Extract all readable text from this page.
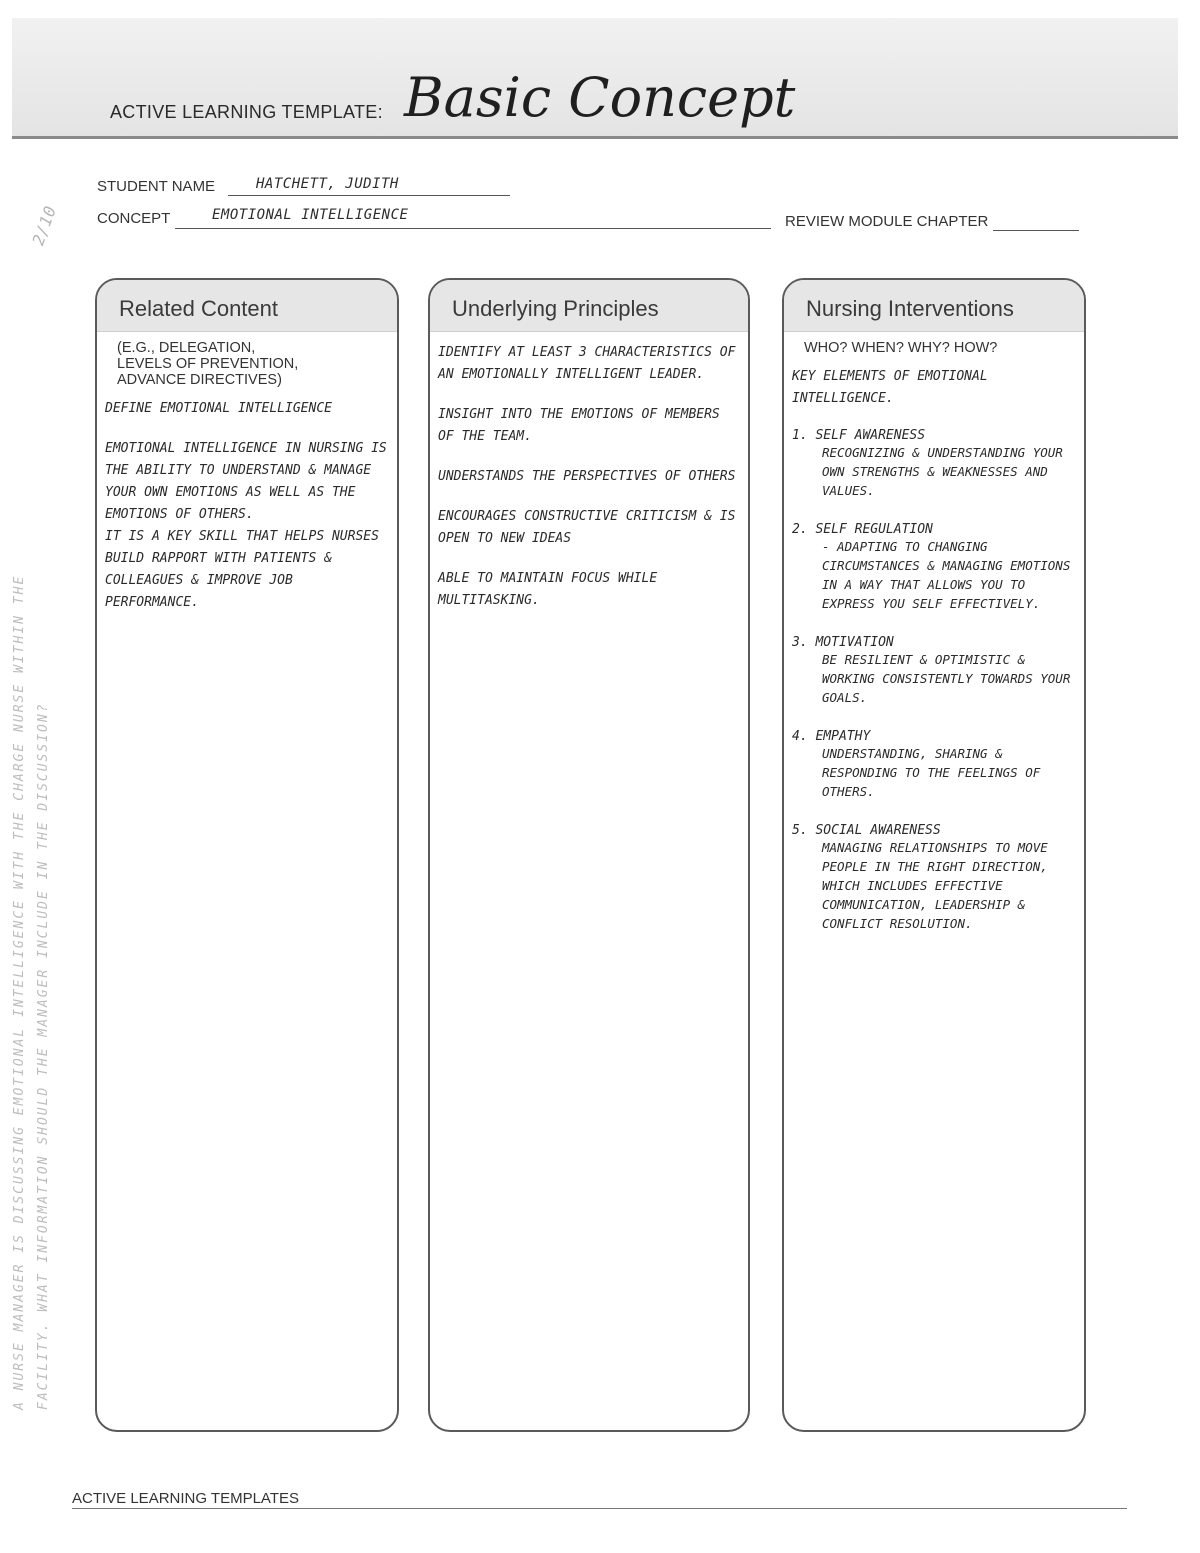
ACTIVE LEARNING TEMPLATE: Basic Concept
2/10
STUDENT NAME	HATCHETT, JUDITH
CONCEPT	EMOTIONAL INTELLIGENCE	REVIEW MODULE CHAPTER
Related Content
(E.G., DELEGATION,
LEVELS OF PREVENTION,
ADVANCE DIRECTIVES)
DEFINE EMOTIONAL INTELLIGENCE
EMOTIONAL INTELLIGENCE IN NURSING IS THE ABILITY TO UNDERSTAND & MANAGE YOUR OWN EMOTIONS AS WELL AS THE EMOTIONS OF OTHERS.
IT IS A KEY SKILL THAT HELPS NURSES BUILD RAPPORT WITH PATIENTS & COLLEAGUES & IMPROVE JOB PERFORMANCE.
Underlying Principles
IDENTIFY AT LEAST 3 CHARACTERISTICS OF AN EMOTIONALLY INTELLIGENT LEADER.
INSIGHT INTO THE EMOTIONS OF MEMBERS OF THE TEAM.
UNDERSTANDS THE PERSPECTIVES OF OTHERS
ENCOURAGES CONSTRUCTIVE CRITICISM & IS OPEN TO NEW IDEAS
ABLE TO MAINTAIN FOCUS WHILE MULTITASKING.
Nursing Interventions
WHO? WHEN? WHY? HOW?
KEY ELEMENTS OF EMOTIONAL INTELLIGENCE.
1. SELF AWARENESS
RECOGNIZING & UNDERSTANDING YOUR OWN STRENGTHS & WEAKNESSES AND VALUES.
2. SELF REGULATION
- ADAPTING TO CHANGING CIRCUMSTANCES & MANAGING EMOTIONS IN A WAY THAT ALLOWS YOU TO EXPRESS YOU SELF EFFECTIVELY.
3. MOTIVATION
BE RESILIENT & OPTIMISTIC & WORKING CONSISTENTLY TOWARDS YOUR GOALS.
4. EMPATHY
UNDERSTANDING, SHARING & RESPONDING TO THE FEELINGS OF OTHERS.
5. SOCIAL AWARENESS
MANAGING RELATIONSHIPS TO MOVE PEOPLE IN THE RIGHT DIRECTION, WHICH INCLUDES EFFECTIVE COMMUNICATION, LEADERSHIP & CONFLICT RESOLUTION.
A NURSE MANAGER IS DISCUSSING EMOTIONAL INTELLIGENCE WITH THE CHARGE NURSE WITHIN THE FACILITY. WHAT INFORMATION SHOULD THE MANAGER INCLUDE IN THE DISCUSSION?
ACTIVE LEARNING TEMPLATES
